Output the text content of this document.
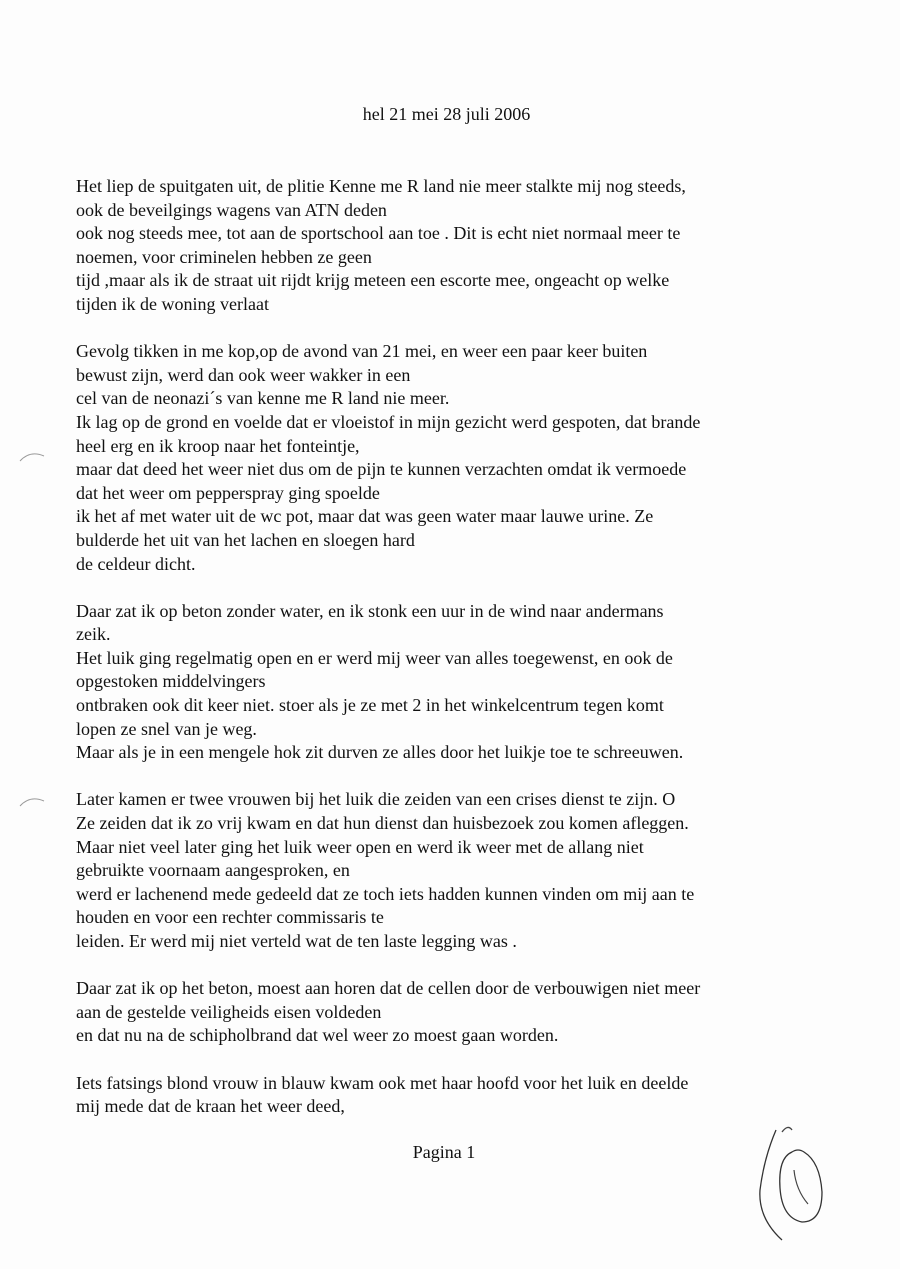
hel 21 mei 28 juli 2006
Het liep de spuitgaten uit, de plitie Kenne me R land nie meer stalkte mij nog steeds,
ook de beveilgings wagens van ATN deden
ook nog steeds mee, tot aan de sportschool aan toe . Dit is echt niet normaal meer te
noemen, voor criminelen hebben ze geen
tijd ,maar als ik de straat uit rijdt krijg meteen een escorte mee, ongeacht op welke
tijden ik de woning verlaat
Gevolg tikken in me kop,op de avond van 21 mei, en weer een paar keer buiten
bewust zijn, werd dan ook weer wakker in een
cel van de neonazi´s van kenne me R land nie meer.
Ik lag op de grond en voelde dat er vloeistof in mijn gezicht werd gespoten, dat brande
heel erg en ik kroop naar het fonteintje,
maar dat deed het weer niet dus om de pijn te kunnen verzachten omdat ik vermoede
dat het weer om pepperspray ging spoelde
ik het af met water uit de wc pot, maar dat was geen water maar lauwe urine. Ze
bulderde het uit van het lachen en sloegen hard
de celdeur dicht.
Daar zat ik op beton zonder water, en ik stonk een uur in de wind naar andermans
zeik.
Het luik ging regelmatig open en er werd mij weer van alles toegewenst, en ook de
opgestoken middelvingers
ontbraken ook dit keer niet. stoer als je ze met 2 in het winkelcentrum tegen komt
lopen ze snel van je weg.
Maar als je in een mengele hok zit durven ze alles door het luikje toe te schreeuwen.
Later kamen er twee vrouwen bij het luik die zeiden van een crises dienst te zijn. O
Ze zeiden dat ik zo vrij kwam en dat hun dienst dan huisbezoek zou komen afleggen.
Maar niet veel later ging het luik weer open en werd ik weer met de allang niet
gebruikte voornaam aangesproken, en
werd er lachenend mede gedeeld dat ze toch iets hadden kunnen vinden om mij aan te
houden en voor een rechter commissaris te
leiden. Er werd mij niet verteld wat de ten laste legging was .
Daar zat ik op het beton, moest aan horen dat de cellen door de verbouwigen niet meer
aan de gestelde veiligheids eisen voldeden
en dat nu na de schipholbrand dat wel weer zo moest gaan worden.
Iets fatsings blond vrouw in blauw kwam ook met haar hoofd voor het luik en deelde
mij mede dat de kraan het weer deed,
Pagina 1
